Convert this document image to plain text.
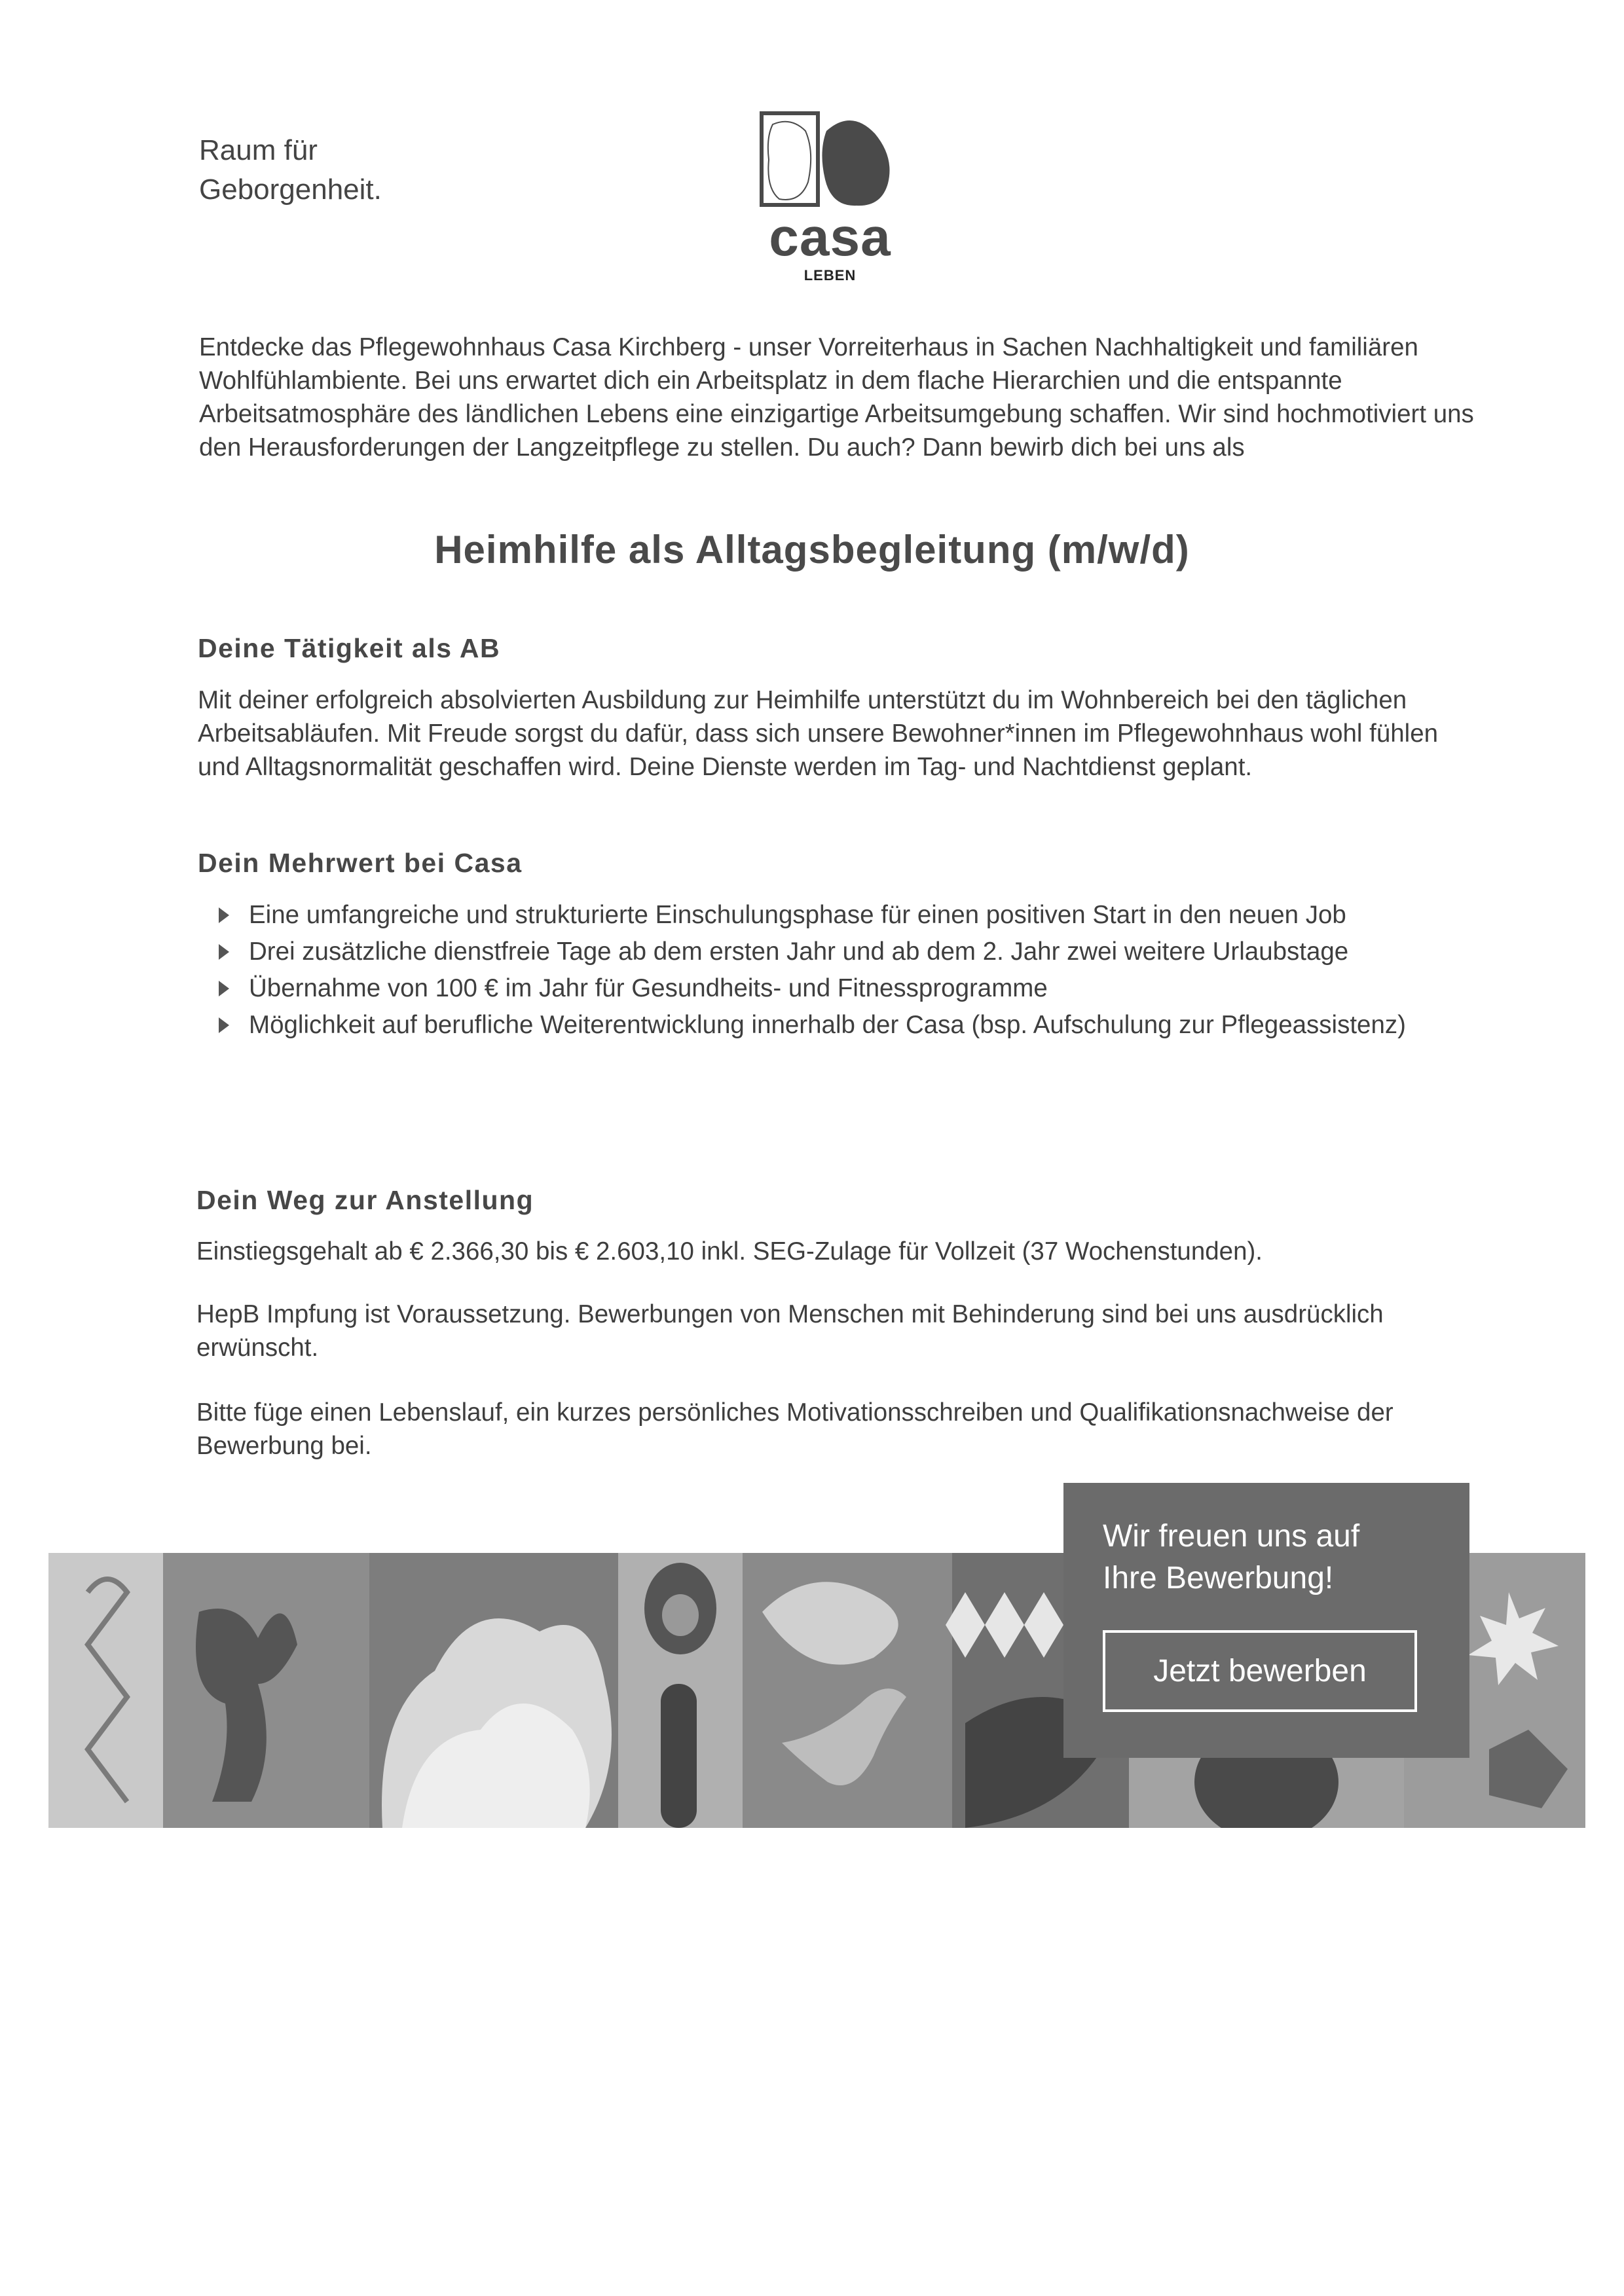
Raum für
Geborgenheit.
casa
LEBEN

Entdecke das Pflegewohnhaus Casa Kirchberg - unser Vorreiterhaus in Sachen Nachhaltigkeit und familiären Wohlfühlambiente. Bei uns erwartet dich ein Arbeitsplatz in dem flache Hierarchien und die entspannte Arbeitsatmosphäre des ländlichen Lebens eine einzigartige Arbeitsumgebung schaffen. Wir sind hochmotiviert uns den Herausforderungen der Langzeitpflege zu stellen. Du auch? Dann bewirb dich bei uns als

Heimhilfe als Alltagsbegleitung (m/w/d)
Deine Tätigkeit als AB

Mit deiner erfolgreich absolvierten Ausbildung zur Heimhilfe unterstützt du im Wohnbereich bei den täglichen Arbeitsabläufen. Mit Freude sorgst du dafür, dass sich unsere Bewohner*innen im Pflegewohnhaus wohl fühlen und Alltagsnormalität geschaffen wird. Deine Dienste werden im Tag- und Nachtdienst geplant.

Dein Mehrwert bei Casa
Eine umfangreiche und strukturierte Einschulungsphase für einen positiven Start in den neuen Job
Drei zusätzliche dienstfreie Tage ab dem ersten Jahr und ab dem 2. Jahr zwei weitere Urlaubstage
Übernahme von 100 € im Jahr für Gesundheits- und Fitnessprogramme
Möglichkeit auf berufliche Weiterentwicklung innerhalb der Casa (bsp. Aufschulung zur Pflegeassistenz)
Dein Weg zur Anstellung

Einstiegsgehalt ab € 2.366,30 bis € 2.603,10 inkl. SEG-Zulage für Vollzeit (37 Wochenstunden).

HepB Impfung ist Voraussetzung. Bewerbungen von Menschen mit Behinderung sind bei uns ausdrücklich erwünscht.

Bitte füge einen Lebenslauf, ein kurzes persönliches Motivationsschreiben und Qualifikationsnachweise der Bewerbung bei.

Wir freuen uns auf
Ihre Bewerbung!
Jetzt bewerben
